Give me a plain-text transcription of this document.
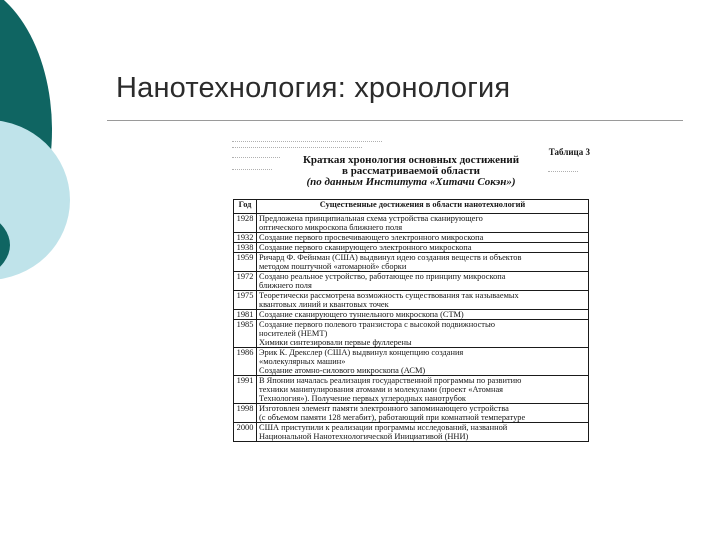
Нанотехнология: хронология
Таблица 3
Краткая хронология основных достижений
в рассматриваемой области
(по данным Института «Хитачи Сокэн»)
Год	Существенные достижения в области нанотехнологий
1928	Предложена принципиальная схема устройства сканирующего
оптического микроскопа ближнего поля

1932	Создание первого просвечивающего электронного микроскопа

1938	Создание первого сканирующего электронного микроскопа

1959	Ричард Ф. Фейнман (США) выдвинул идею создания веществ и объектов
методом поштучной «атомарной» сборки

1972	Создано реальное устройство, работающее по принципу микроскопа
ближнего поля

1975	Теоретически рассмотрена возможность существования так называемых
квантовых линий и квантовых точек

1981	Создание сканирующего туннельного микроскопа (СТМ)

1985	Создание первого полевого транзистора с высокой подвижностью
носителей (HEMT)
Химики синтезировали первые фуллерены

1986	Эрик К. Дрекслер (США) выдвинул концепцию создания
«молекулярных машин»
Создание атомно-силового микроскопа (АСМ)

1991	В Японии началась реализация государственной программы по развитию
техники манипулирования атомами и молекулами (проект «Атомная
Технология»). Получение первых углеродных нанотрубок

1998	Изготовлен элемент памяти электронного запоминающего устройства
(с объемом памяти 128 мегабит), работающий при комнатной температуре

2000	США приступили к реализации программы исследований, названной
Национальной Нанотехнологической Инициативой (ННИ)
